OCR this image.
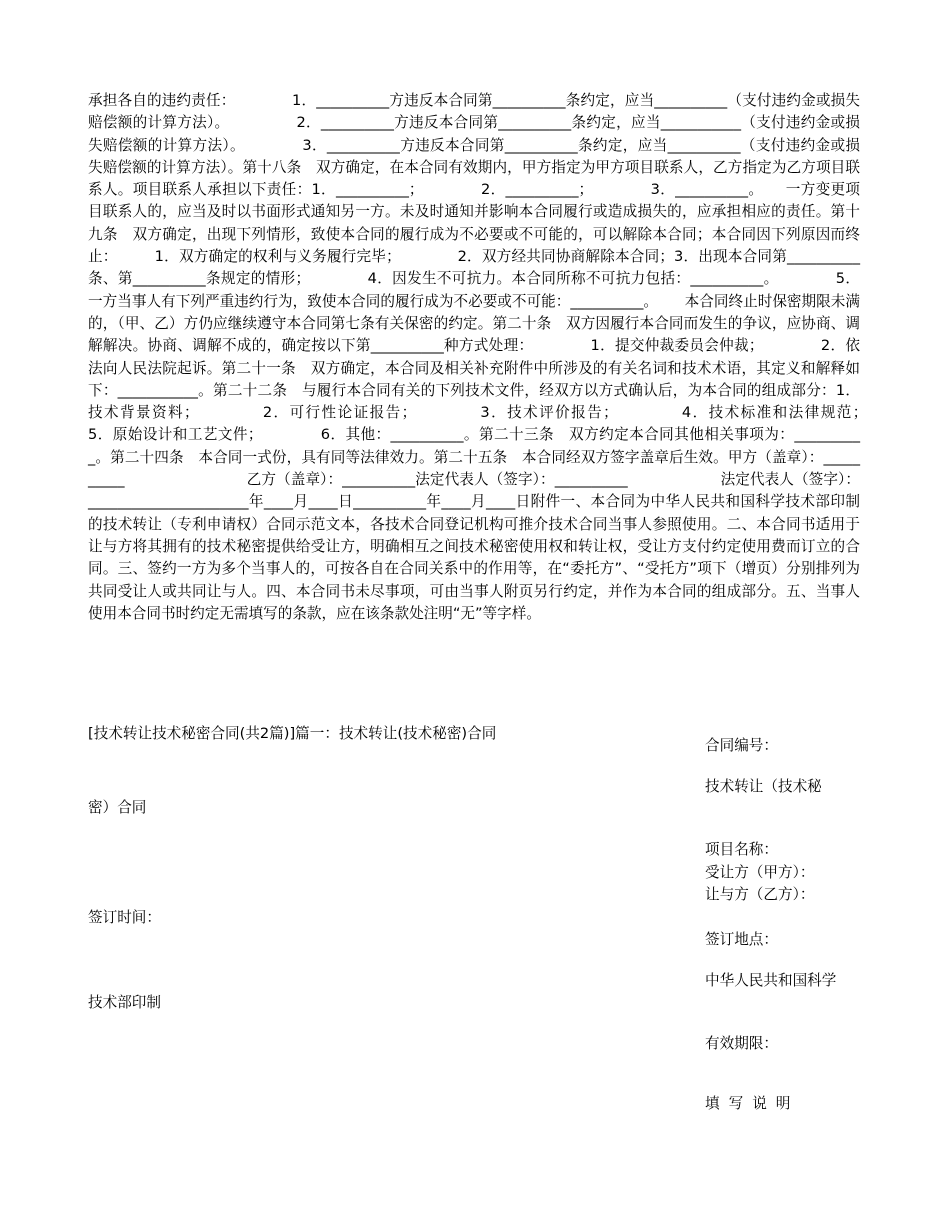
承担各自的违约责任：　　　　 1．__________方违反本合同第__________条约定，应当__________（支付违约金或损失赔偿额的计算方法）。　　　　　2．__________方违反本合同第__________条约定，应当___________（支付违约金或损失赔偿额的计算方法）。　　　　 3．__________方违反本合同第__________条约定，应当__________（支付违约金或损失赔偿额的计算方法）。第十八条　双方确定，在本合同有效期内，甲方指定为甲方项目联系人，乙方指定为乙方项目联系人。项目联系人承担以下责任：1．__________；　　　　 2．__________；　　　　 3．__________。　　一方变更项目联系人的，应当及时以书面形式通知另一方。未及时通知并影响本合同履行或造成损失的，应承担相应的责任。第十九条　双方确定，出现下列情形，致使本合同的履行成为不必要或不可能的，可以解除本合同；本合同因下列原因而终止：　　　1．双方确定的权利与义务履行完毕；　　　　 2．双方经共同协商解除本合同；3．出现本合同第__________条、第__________条规定的情形；　　　　 4．因发生不可抗力。本合同所称不可抗力包括：__________。　　　　 5．一方当事人有下列严重违约行为，致使本合同的履行成为不必要或不可能：__________。　　 本合同终止时保密期限未满的，（甲、乙）方仍应继续遵守本合同第七条有关保密的约定。第二十条　双方因履行本合同而发生的争议，应协商、调解解决。协商、调解不成的，确定按以下第__________种方式处理：　　　　 1．提交仲裁委员会仲裁；　　　　 2．依法向人民法院起诉。第二十一条　双方确定，本合同及相关补充附件中所涉及的有关名词和技术术语，其定义和解释如下：___________。第二十二条　与履行本合同有关的下列技术文件，经双方以方式确认后，为本合同的组成部分：1．技术背景资料；　　　　 2．可行性论证报告；　　　　 3．技术评价报告；　　　　 4．技术标准和法律规范；　　　　 5．原始设计和工艺文件；　　　　 6．其他：__________。第二十三条　双方约定本合同其他相关事项为：__________。第二十四条　本合同一式份，具有同等法律效力。第二十五条　本合同经双方签字盖章后生效。甲方（盖章）：__________　　　　　　　　 乙方（盖章）：__________法定代表人（签字）：__________　　　　　　 法定代表人（签字）：______________________年____月____日__________年____月____日附件一、本合同为中华人民共和国科学技术部印制的技术转让（专利申请权）合同示范文本，各技术合同登记机构可推介技术合同当事人参照使用。二、本合同书适用于让与方将其拥有的技术秘密提供给受让方，明确相互之间技术秘密使用权和转让权，受让方支付约定使用费而订立的合同。三、签约一方为多个当事人的，可按各自在合同关系中的作用等，在“委托方”、“受托方”项下（增页）分别排列为共同受让人或共同让与人。四、本合同书未尽事项，可由当事人附页另行约定，并作为本合同的组成部分。五、当事人使用本合同书时约定无需填写的条款，应在该条款处注明“无”等字样。

[技术转让技术秘密合同(共2篇)]篇一：技术转让(技术秘密)合同

合同编号：

技术转让（技术秘

密）合同

项目名称：

受让方（甲方）：

让与方（乙方）：

签订时间：

签订地点：

中华人民共和国科学

技术部印制

有效期限：

填写说明
